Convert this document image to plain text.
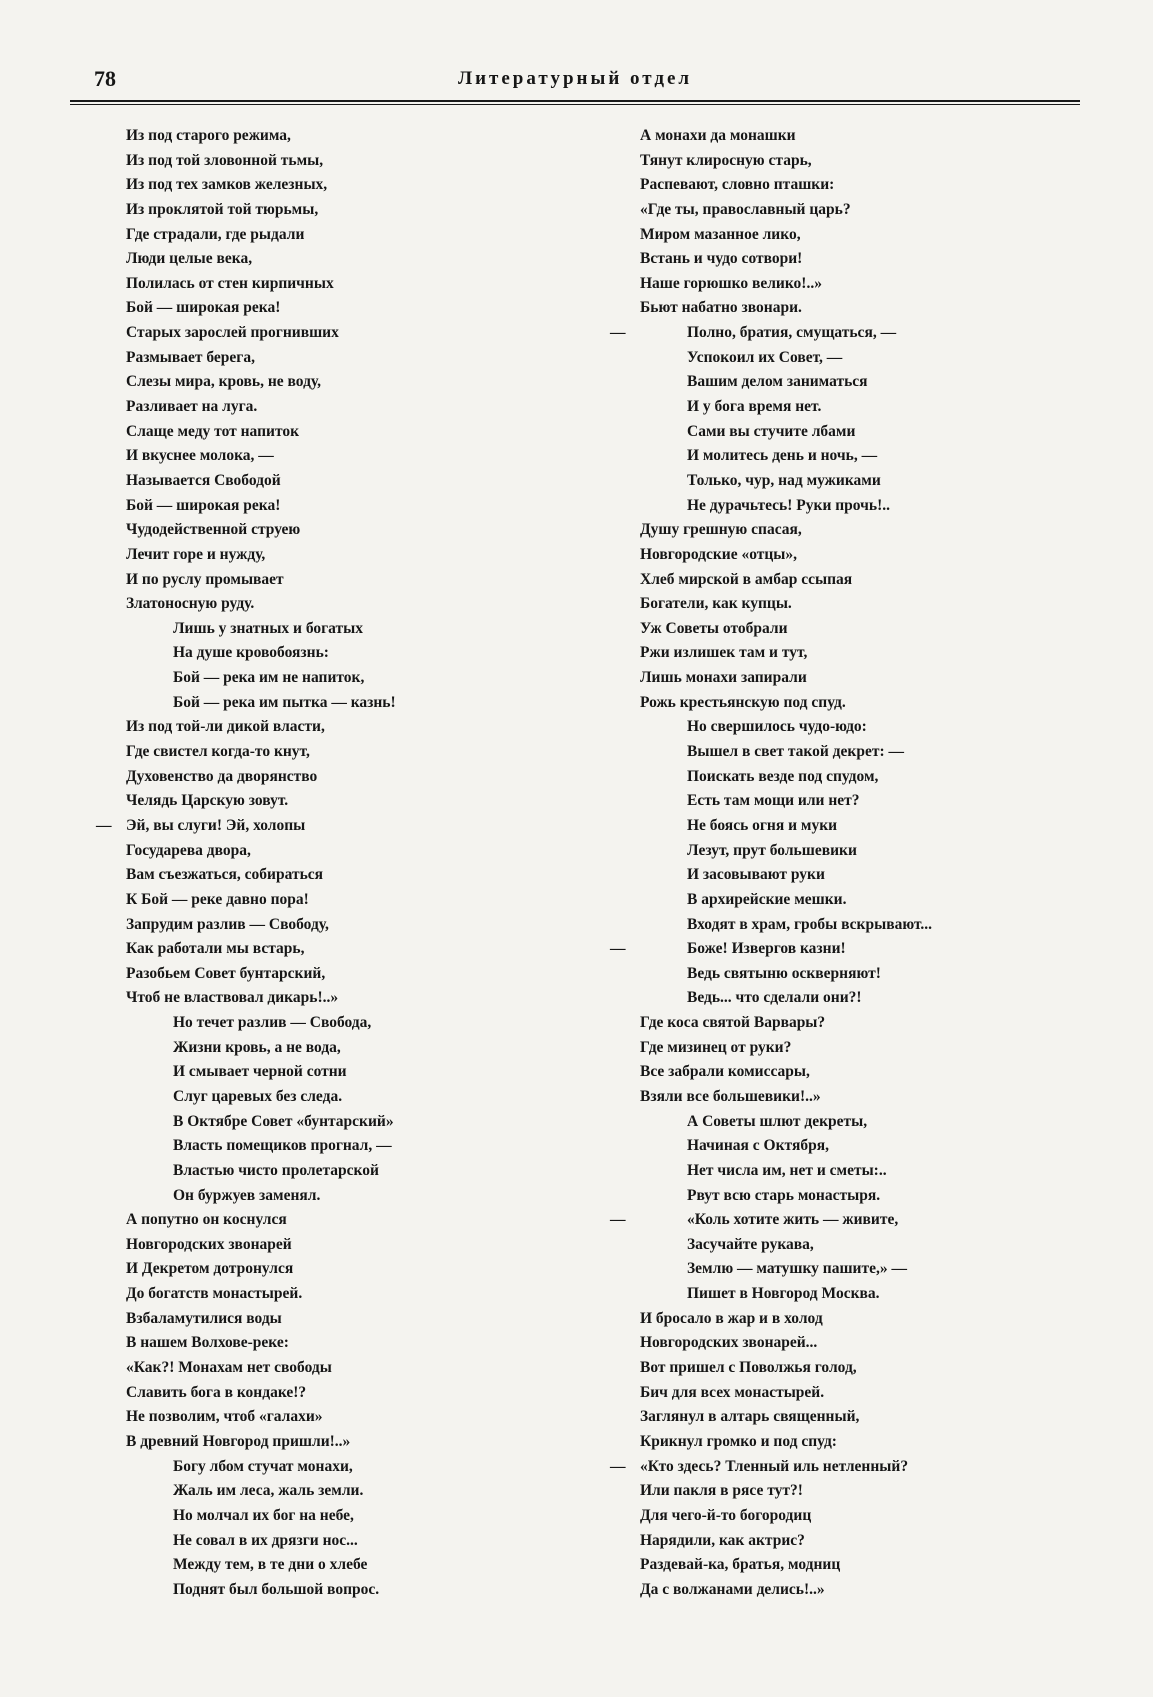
78	Литературный отдел
Из под старого режима,
Из под той зловонной тьмы,
Из под тех замков железных,
Из проклятой той тюрьмы,
Где страдали, где рыдали
Люди целые века,
Полилась от стен кирпичных
Бой — широкая река!
Старых зарослей прогнивших
Размывает берега,
Слезы мира, кровь, не воду,
Разливает на луга.
Слаще меду тот напиток
И вкуснее молока, —
Называется Свободой
Бой — широкая река!
Чудодейственной струею
Лечит горе и нужду,
И по руслу промывает
Златоносную руду.
Лишь у знатных и богатых
На душе кровобоязнь:
Бой — река им не напиток,
Бой — река им пытка — казнь!
Из под той-ли дикой власти,
Где свистел когда-то кнут,
Духовенство да дворянство
Челядь Царскую зовут.
— Эй, вы слуги! Эй, холопы
Государева двора,
Вам съезжаться, собираться
К Бой — реке давно пора!
Запрудим разлив — Свободу,
Как работали мы встарь,
Разобьем Совет бунтарский,
Чтоб не властвовал дикарь!..»
Но течет разлив — Свобода,
Жизни кровь, а не вода,
И смывает черной сотни
Слуг царевых без следа.
В Октябре Совет «бунтарский»
Власть помещиков прогнал, —
Властью чисто пролетарской
Он буржуев заменял.
А попутно он коснулся
Новгородских звонарей
И Декретом дотронулся
До богатств монастырей.
Взбаламутилися воды
В нашем Волхове-реке:
«Как?! Монахам нет свободы
Славить бога в кондаке!?
Не позволим, чтоб «галахи»
В древний Новгород пришли!..»
Богу лбом стучат монахи,
Жаль им леса, жаль земли.
Но молчал их бог на небе,
Не совал в их дрязги нос...
Между тем, в те дни о хлебе
Поднят был большой вопрос.
А монахи да монашки
Тянут клиросную старь,
Распевают, словно пташки:
«Где ты, православный царь?
Миром мазанное лико,
Встань и чудо сотвори!
Наше горюшко велико!..»
Бьют набатно звонари.
—	Полно, братия, смущаться, —
Успокоил их Совет, —
Вашим делом заниматься
И у бога время нет.
Сами вы стучите лбами
И молитесь день и ночь, —
Только, чур, над мужиками
Не дурачьтесь! Руки прочь!..
Душу грешную спасая,
Новгородские «отцы»,
Хлеб мирской в амбар ссыпая
Богатели, как купцы.
Уж Советы отобрали
Ржи излишек там и тут,
Лишь монахи запирали
Рожь крестьянскую под спуд.
Но свершилось чудо-юдо:
Вышел в свет такой декрет: —
Поискать везде под спудом,
Есть там мощи или нет?
Не боясь огня и муки
Лезут, прут большевики
И засовывают руки
В архирейские мешки.
Входят в храм, гробы вскрывают...
—	Боже! Извергов казни!
Ведь святыню оскверняют!
Ведь... что сделали они?!
Где коса святой Варвары?
Где мизинец от руки?
Все забрали комиссары,
Взяли все большевики!..»
А Советы шлют декреты,
Начиная с Октября,
Нет числа им, нет и сметы:..
Рвут всю старь монастыря.
—	«Коль хотите жить — живите,
Засучайте рукава,
Землю — матушку пашите,» —
Пишет в Новгород Москва.
И бросало в жар и в холод
Новгородских звонарей...
Вот пришел с Поволжья голод,
Бич для всех монастырей.
Заглянул в алтарь священный,
Крикнул громко и под спуд:
— «Кто здесь? Тленный иль нетленный?
Или пакля в рясе тут?!
Для чего-й-то богородиц
Нарядили, как актрис?
Раздевай-ка, братья, модниц
Да с волжанами делись!..»
